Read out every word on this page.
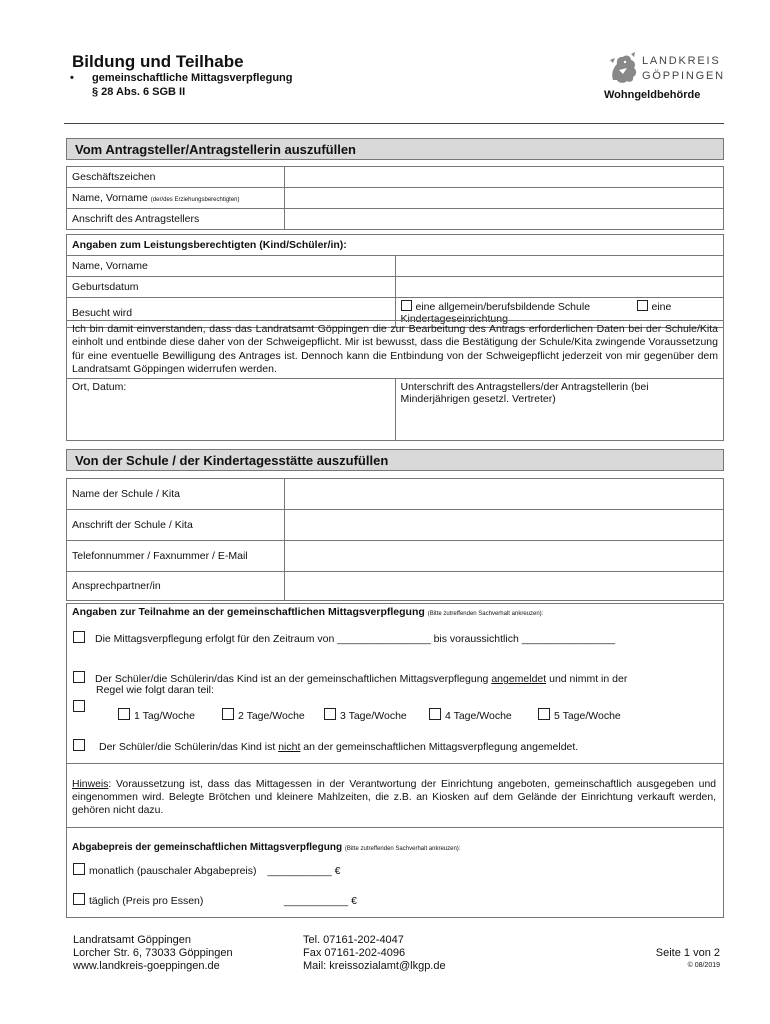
Bildung und Teilhabe
• gemeinschaftliche Mittagsverpflegung
§ 28 Abs. 6 SGB II
LANDKREIS
GÖPPINGEN
Wohngeldbehörde
Vom Antragsteller/Antragstellerin auszufüllen
Geschäftszeichen	
Name, Vorname (der/des Erziehungsberechtigten)	
Anschrift des Antragstellers	
Angaben zum Leistungsberechtigten (Kind/Schüler/in):	
Name, Vorname	
Geburtsdatum	
Besucht wird	eine allgemein/berufsbildende Schule eine Kindertageseinrichtung
Ich bin damit einverstanden, dass das Landratsamt Göppingen die zur Bearbeitung des Antrags erforderlichen Daten bei der Schule/Kita einholt und entbinde diese daher von der Schweigepflicht. Mir ist bewusst, dass die Bestätigung der Schule/Kita zwingende Voraussetzung für eine eventuelle Bewilligung des Antrages ist. Dennoch kann die Entbindung von der Schweigepflicht jederzeit von mir gegenüber dem Landratsamt Göppingen widerrufen werden.
Ort, Datum:	Unterschrift des Antragstellers/der Antragstellerin (bei Minderjährigen gesetzl. Vertreter)
Von der Schule / der Kindertagesstätte auszufüllen
Name der Schule / Kita	
Anschrift der Schule / Kita	
Telefonnummer / Faxnummer / E-Mail	
Ansprechpartner/in	
Angaben zur Teilnahme an der gemeinschaftlichen Mittagsverpflegung (Bitte zutreffenden Sachverhalt ankreuzen):
Die Mittagsverpflegung erfolgt für den Zeitraum von ________________ bis voraussichtlich ________________
Der Schüler/die Schülerin/das Kind ist an der gemeinschaftlichen Mittagsverpflegung angemeldet und nimmt in der
Regel wie folgt daran teil:
1 Tag/Woche	2 Tage/Woche	3 Tage/Woche	4 Tage/Woche	5 Tage/Woche
Der Schüler/die Schülerin/das Kind ist nicht an der gemeinschaftlichen Mittagsverpflegung angemeldet.
Hinweis: Voraussetzung ist, dass das Mittagessen in der Verantwortung der Einrichtung angeboten, gemeinschaftlich ausgegeben und eingenommen wird. Belegte Brötchen und kleinere Mahlzeiten, die z.B. an Kiosken auf dem Gelände der Einrichtung verkauft werden, gehören nicht dazu.
Abgabepreis der gemeinschaftlichen Mittagsverpflegung (Bitte zutreffenden Sachverhalt ankreuzen):
monatlich (pauschaler Abgabepreis) ___________ €
täglich (Preis pro Essen)	___________ €
Landratsamt Göppingen
Lorcher Str. 6, 73033 Göppingen
www.landkreis-goeppingen.de
Tel. 07161-202-4047
Fax 07161-202-4096
Mail: kreissozialamt@lkgp.de
Seite 1 von 2
© 08/2019
